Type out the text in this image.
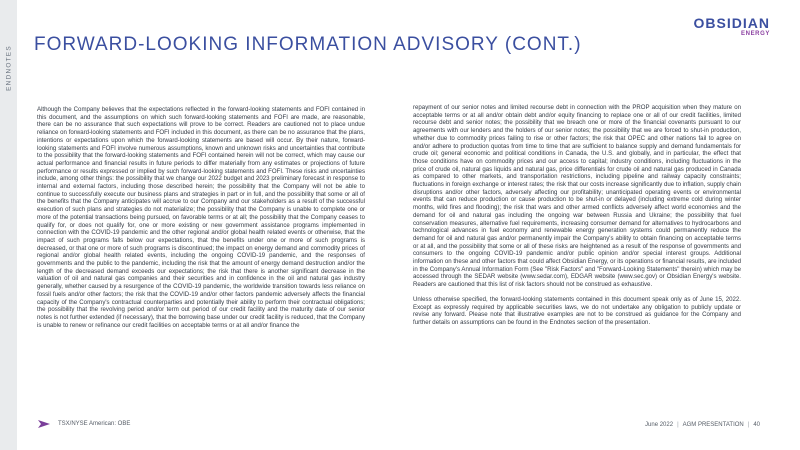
ENDNOTES
FORWARD-LOOKING INFORMATION ADVISORY (CONT.)
OBSIDIAN
ENERGY

Although the Company believes that the expectations reflected in the forward-looking statements and FOFI contained in this document, and the assumptions on which such forward-looking statements and FOFI are made, are reasonable, there can be no assurance that such expectations will prove to be correct. Readers are cautioned not to place undue reliance on forward-looking statements and FOFI included in this document, as there can be no assurance that the plans, intentions or expectations upon which the forward-looking statements are based will occur. By their nature, forward-looking statements and FOFI involve numerous assumptions, known and unknown risks and uncertainties that contribute to the possibility that the forward-looking statements and FOFI contained herein will not be correct, which may cause our actual performance and financial results in future periods to differ materially from any estimates or projections of future performance or results expressed or implied by such forward-looking statements and FOFI. These risks and uncertainties include, among other things: the possibility that we change our 2022 budget and 2023 preliminary forecast in response to internal and external factors, including those described herein; the possibility that the Company will not be able to continue to successfully execute our business plans and strategies in part or in full, and the possibility that some or all of the benefits that the Company anticipates will accrue to our Company and our stakeholders as a result of the successful execution of such plans and strategies do not materialize; the possibility that the Company is unable to complete one or more of the potential transactions being pursued, on favorable terms or at all; the possibility that the Company ceases to qualify for, or does not qualify for, one or more existing or new government assistance programs implemented in connection with the COVID-19 pandemic and the other regional and/or global health related events or otherwise, that the impact of such programs falls below our expectations, that the benefits under one or more of such programs is decreased, or that one or more of such programs is discontinued; the impact on energy demand and commodity prices of regional and/or global health related events, including the ongoing COVID-19 pandemic, and the responses of governments and the public to the pandemic, including the risk that the amount of energy demand destruction and/or the length of the decreased demand exceeds our expectations; the risk that there is another significant decrease in the valuation of oil and natural gas companies and their securities and in confidence in the oil and natural gas industry generally, whether caused by a resurgence of the COVID-19 pandemic, the worldwide transition towards less reliance on fossil fuels and/or other factors; the risk that the COVID-19 and/or other factors pandemic adversely affects the financial capacity of the Company's contractual counterparties and potentially their ability to perform their contractual obligations; the possibility that the revolving period and/or term out period of our credit facility and the maturity date of our senior notes is not further extended (if necessary), that the borrowing base under our credit facility is reduced, that the Company is unable to renew or refinance our credit facilities on acceptable terms or at all and/or finance the

repayment of our senior notes and limited recourse debt in connection with the PROP acquisition when they mature on acceptable terms or at all and/or obtain debt and/or equity financing to replace one or all of our credit facilities, limited recourse debt and senior notes; the possibility that we breach one or more of the financial covenants pursuant to our agreements with our lenders and the holders of our senior notes; the possibility that we are forced to shut-in production, whether due to commodity prices failing to rise or other factors; the risk that OPEC and other nations fail to agree on and/or adhere to production quotas from time to time that are sufficient to balance supply and demand fundamentals for crude oil; general economic and political conditions in Canada, the U.S. and globally, and in particular, the effect that those conditions have on commodity prices and our access to capital; industry conditions, including fluctuations in the price of crude oil, natural gas liquids and natural gas, price differentials for crude oil and natural gas produced in Canada as compared to other markets, and transportation restrictions, including pipeline and railway capacity constraints; fluctuations in foreign exchange or interest rates; the risk that our costs increase significantly due to inflation, supply chain disruptions and/or other factors, adversely affecting our profitability; unanticipated operating events or environmental events that can reduce production or cause production to be shut-in or delayed (including extreme cold during winter months, wild fires and flooding); the risk that wars and other armed conflicts adversely affect world economies and the demand for oil and natural gas including the ongoing war between Russia and Ukraine; the possibility that fuel conservation measures, alternative fuel requirements, increasing consumer demand for alternatives to hydrocarbons and technological advances in fuel economy and renewable energy generation systems could permanently reduce the demand for oil and natural gas and/or permanently impair the Company's ability to obtain financing on acceptable terms or at all, and the possibility that some or all of these risks are heightened as a result of the response of governments and consumers to the ongoing COVID-19 pandemic and/or public opinion and/or special interest groups. Additional information on these and other factors that could affect Obsidian Energy, or its operations or financial results, are included in the Company's Annual Information Form (See "Risk Factors" and "Forward-Looking Statements" therein) which may be accessed through the SEDAR website (www.sedar.com), EDGAR website (www.sec.gov) or Obsidian Energy's website. Readers are cautioned that this list of risk factors should not be construed as exhaustive.

Unless otherwise specified, the forward-looking statements contained in this document speak only as of June 15, 2022. Except as expressly required by applicable securities laws, we do not undertake any obligation to publicly update or revise any forward. Please note that illustrative examples are not to be construed as guidance for the Company and further details on assumptions can be found in the Endnotes section of the presentation.

TSX/NYSE American: OBE	June 2022 | AGM PRESENTATION | 40
